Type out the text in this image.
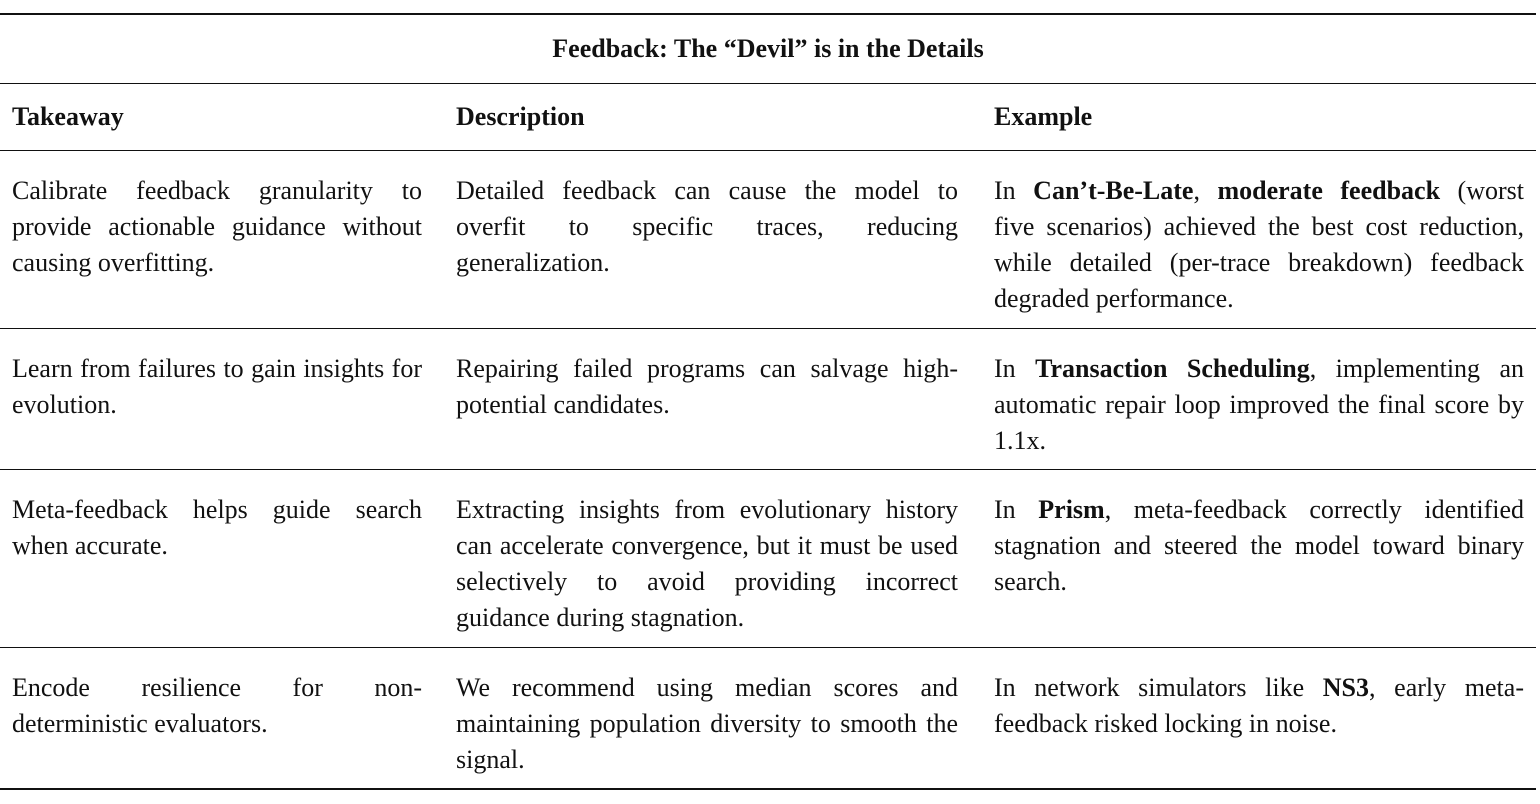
Feedback: The “Devil” is in the Details
Takeaway	Description	Example
Calibrate feedback granularity to provide actionable guidance without causing overfitting.
Detailed feedback can cause the model to overfit to specific traces, reducing generalization.
In Can’t-Be-Late, moderate feedback (worst five scenarios) achieved the best cost reduction, while detailed (per-trace breakdown) feedback degraded performance.
Learn from failures to gain insights for evolution.
Repairing failed programs can salvage high-potential candidates.
In Transaction Scheduling, implementing an automatic repair loop improved the final score by 1.1x.
Meta-feedback helps guide search when accurate.
Extracting insights from evolutionary history can accelerate convergence, but it must be used selectively to avoid providing incorrect guidance during stagnation.
In Prism, meta-feedback correctly identified stagnation and steered the model toward binary search.
Encode resilience for non-deterministic evaluators.
We recommend using median scores and maintaining population diversity to smooth the signal.
In network simulators like NS3, early meta-feedback risked locking in noise.
